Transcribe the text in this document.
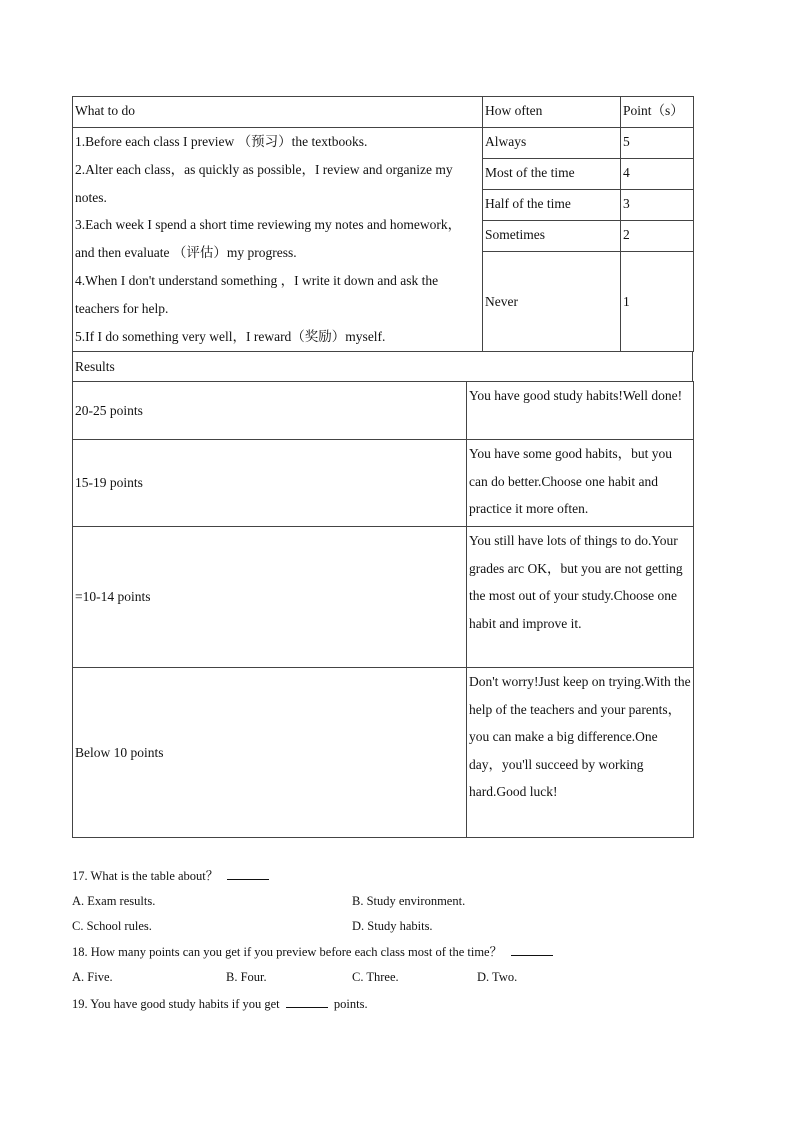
What to do	How often	Point（s）

1.Before each class I preview （预习）the textbooks.
2.Alter each class，as quickly as possible，I review and organize my notes.
3.Each week I spend a short time reviewing my notes and homework，and then evaluate （评估）my progress.
4.When I don't understand something ，I write it down and ask the teachers for help.
5.If I do something very well，I reward（奖励）myself.	Always	5
	Most of the time	4
	Half of the time	3
	Sometimes	2
	Never	1
Results
20-25 points	You have good study habits!Well done!
15-19 points	You have some good habits，but you can do better.Choose one habit and practice it more often.
=10-14 points	You still have lots of things to do.Your grades arc OK，but you are not getting the most out of your study.Choose one habit and improve it.
Below 10 points	Don't worry!Just keep on trying.With the help of the teachers and your parents，you can make a big difference.One day，you'll succeed by working hard.Good luck!
17. What is the table about？
A. Exam results.	B. Study environment.
C. School rules.	D. Study habits.
18. How many points can you get if you preview before each class most of the time？
A. Five.	B. Four.	C. Three.	D. Two.
19. You have good study habits if you get	points.
